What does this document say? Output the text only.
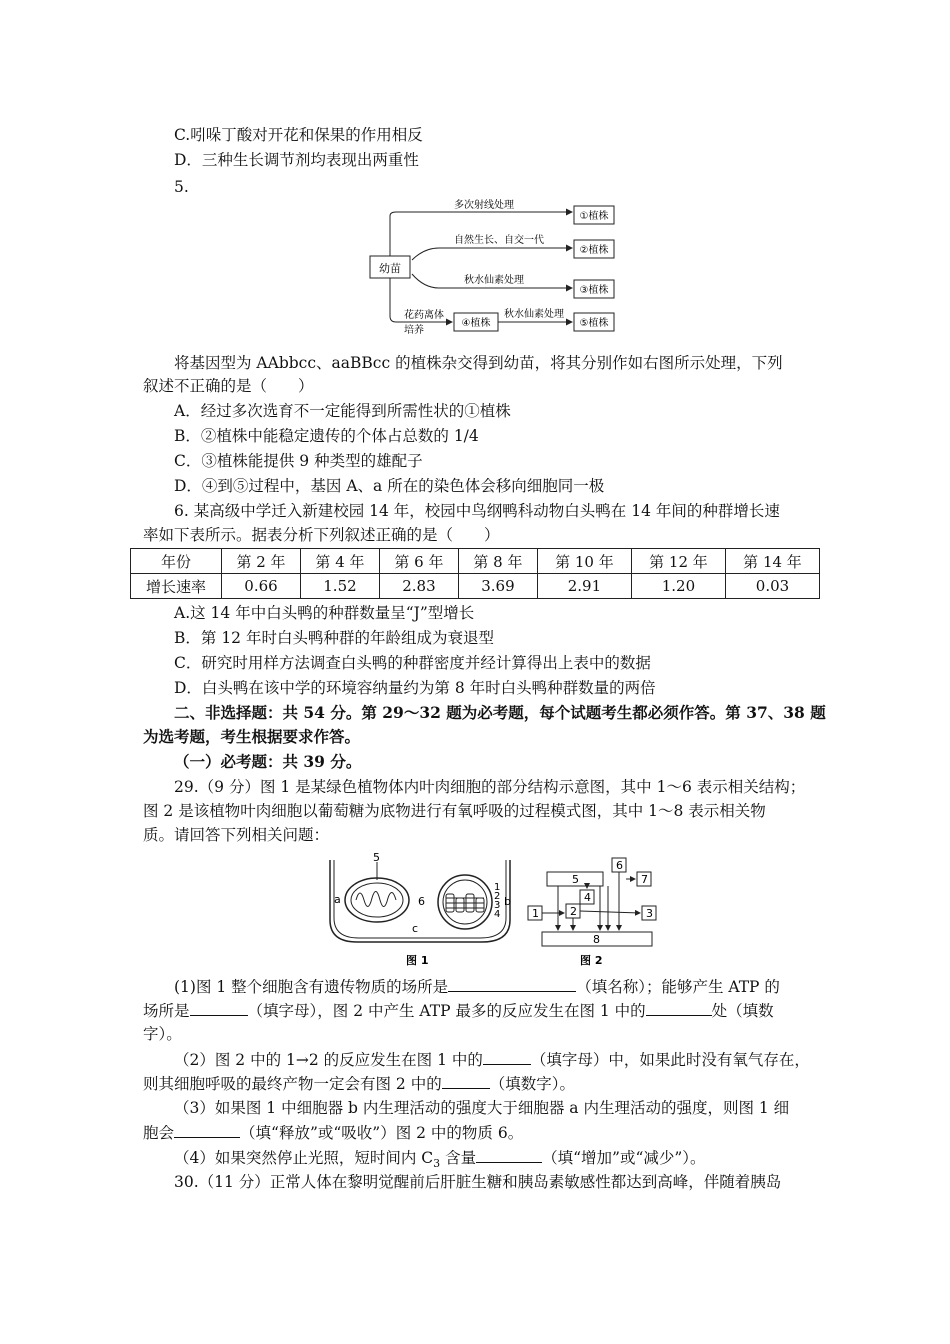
C.吲哚丁酸对开花和保果的作用相反
D．三种生长调节剂均表现出两重性
5.
幼苗
多次射线处理
①植株
自然生长、自交一代
②植株
秋水仙素处理
③植株
花药离体
培养
④植株
秋水仙素处理
⑤植株
将基因型为 AAbbcc、aaBBcc 的植株杂交得到幼苗，将其分别作如右图所示处理，下列
叙述不正确的是（　　）
A．经过多次选育不一定能得到所需性状的①植株
B．②植株中能稳定遗传的个体占总数的 1/4
C．③植株能提供 9 种类型的雄配子
D．④到⑤过程中，基因 A、a 所在的染色体会移向细胞同一极
6. 某高级中学迁入新建校园 14 年，校园中鸟纲鸭科动物白头鸭在 14 年间的种群增长速
率如下表所示。据表分析下列叙述正确的是（　　）
年份	第 2 年	第 4 年	第 6 年	第 8 年	第 10 年	第 12 年	第 14 年
增长速率	0.66	1.52	2.83	3.69	2.91	1.20	0.03
A.这 14 年中白头鸭的种群数量呈“J”型增长
B．第 12 年时白头鸭种群的年龄组成为衰退型
C．研究时用样方法调查白头鸭的种群密度并经计算得出上表中的数据
D．白头鸭在该中学的环境容纳量约为第 8 年时白头鸭种群数量的两倍
二、非选择题：共 54 分。第 29～32 题为必考题，每个试题考生都必须作答。第 37、38 题
为选考题，考生根据要求作答。
（一）必考题：共 39 分。
29.（9 分）图 1 是某绿色植物体内叶肉细胞的部分结构示意图，其中 1～6 表示相关结构；
图 2 是该植物叶肉细胞以葡萄糖为底物进行有氧呼吸的过程模式图，其中 1～8 表示相关物
质。请回答下列相关问题：
5
a	6
c
b
1
2
3
4
图 1
5
6
7
4
2
1	3
8
图 2
(1)图 1 整个细胞含有遗传物质的场所是	（填名称）；能够产生 ATP 的
场所是	（填字母），图 2 中产生 ATP 最多的反应发生在图 1 中的	处（填数
字）。
（2）图 2 中的 1→2 的反应发生在图 1 中的	（填字母）中，如果此时没有氧气存在，
则其细胞呼吸的最终产物一定会有图 2 中的	（填数字）。
（3）如果图 1 中细胞器 b 内生理活动的强度大于细胞器 a 内生理活动的强度，则图 1 细
胞会	（填“释放”或“吸收”）图 2 中的物质 6。
（4）如果突然停止光照，短时间内 $C_3$ 含量	（填“增加”或“减少”）。
30.（11 分）正常人体在黎明觉醒前后肝脏生糖和胰岛素敏感性都达到高峰，伴随着胰岛
